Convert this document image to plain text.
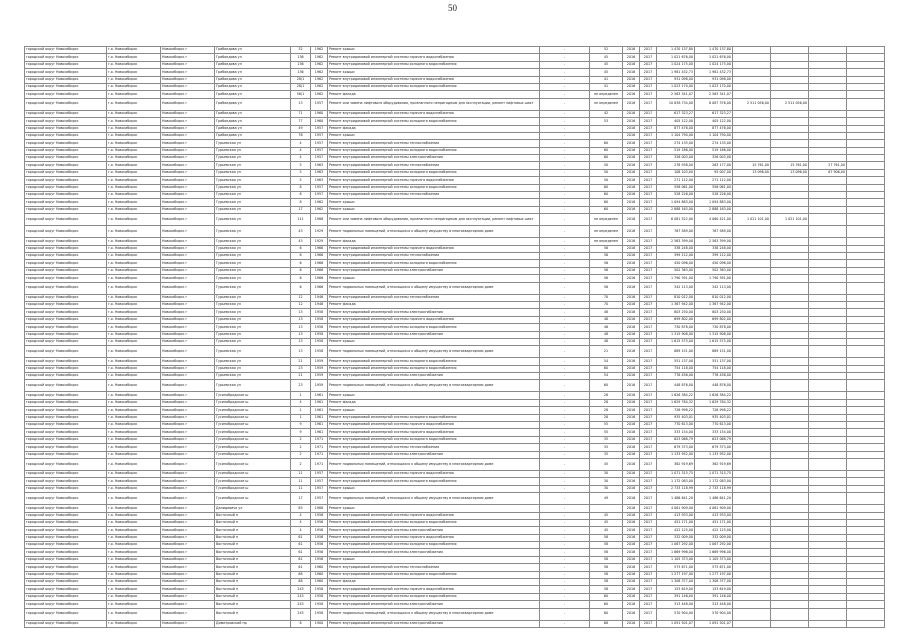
50
городской округ Новосибирск	г.о. Новосибирск	Новосибирск г	Грибоедова ул	32	1962	Ремонт крыши	-	52	2016	2017	1 470 137,80	1 470 137,80				
городской округ Новосибирск	г.о. Новосибирск	Новосибирск г	Грибоедова ул	136	1962	Ремонт внутридомовой инженерной системы горячего водоснабжения	-	45	2016	2017	1 021 676,00	1 021 676,00				
городской округ Новосибирск	г.о. Новосибирск	Новосибирск г	Грибоедова ул	136	1962	Ремонт внутридомовой инженерной системы холодного водоснабжения	-	45	2016	2017	1 024 175,00	1 024 175,00				
городской округ Новосибирск	г.о. Новосибирск	Новосибирск г	Грибоедова ул	136	1962	Ремонт крыши	-	45	2016	2017	1 981 432,73	1 981 432,73				
городской округ Новосибирск	г.о. Новосибирск	Новосибирск г	Грибоедова ул	28/1	1962	Ремонт внутридомовой инженерной системы горячего водоснабжения	-	41	2016	2017	931 098,00	931 098,00				
городской округ Новосибирск	г.о. Новосибирск	Новосибирск г	Грибоедова ул	28/1	1962	Ремонт внутридомовой инженерной системы холодного водоснабжения	-	41	2016	2017	1 023 170,00	1 023 170,00				
городской округ Новосибирск	г.о. Новосибирск	Новосибирск г	Грибоедова ул	56/1	1962	Ремонт фасада	-	не определен	2016	2017	2 563 341,07	2 563 341,07				
городской округ Новосибирск	г.о. Новосибирск	Новосибирск г	Грибоедова ул	13	1957	Ремонт или замена лифтового оборудования, признанного непригодным для эксплуатации, ремонт лифтовых шахт	-	не определен	2016	2017	10 838 734,00	8 087 376,00	2 511 056,00	2 511 056,00		
городской округ Новосибирск	г.о. Новосибирск	Новосибирск г	Грибоедова ул	71	1960	Ремонт внутридомовой инженерной системы горячего водоснабжения	-	42	2016	2017	617 323,27	617 323,27				
городской округ Новосибирск	г.о. Новосибирск	Новосибирск г	Грибоедова ул	77	1960	Ремонт внутридомовой инженерной системы холодного водоснабжения	-	53	2016	2017	405 122,00	405 122,00				
городской округ Новосибирск	г.о. Новосибирск	Новосибирск г	Грибоедова ул	49	1957	Ремонт фасада	-		2016	2017	877 476,00	877 476,00				
городской округ Новосибирск	г.о. Новосибирск	Новосибирск г	Грибоедова ул	76	1957	Ремонт крыши	-		2016	2017	1 104 790,00	1 104 790,00				
городской округ Новосибирск	г.о. Новосибирск	Новосибирск г	Гурьевская ул	4	1957	Ремонт внутридомовой инженерной системы теплоснабжения	-	60	2016	2017	274 135,00	274 135,00				
городской округ Новосибирск	г.о. Новосибирск	Новосибирск г	Гурьевская ул	4	1957	Ремонт внутридомовой инженерной системы холодного водоснабжения	-	60	2016	2017	519 186,00	519 186,00				
городской округ Новосибирск	г.о. Новосибирск	Новосибирск г	Гурьевская ул	4	1957	Ремонт внутридомовой инженерной системы электроснабжения	-	60	2016	2017	326 003,00	326 003,00				
городской округ Новосибирск	г.о. Новосибирск	Новосибирск г	Гурьевская ул	5	1963	Ремонт внутридомовой инженерной системы теплоснабжения	-	50	2016	2017	278 938,00	263 177,00	15 761,00	15 761,00	27 761,00	
городской округ Новосибирск	г.о. Новосибирск	Новосибирск г	Гурьевская ул	5	1963	Ремонт внутридомовой инженерной системы холодного водоснабжения	-	50	2016	2017	108 103,00	95 007,00	13 096,00	13 096,00	67 906,00	
городской округ Новосибирск	г.о. Новосибирск	Новосибирск г	Гурьевская ул	5	1963	Ремонт внутридомовой инженерной системы горячего водоснабжения	-	50	2016	2017	271 112,00	271 112,00				
городской округ Новосибирск	г.о. Новосибирск	Новосибирск г	Гурьевская ул	8	1957	Ремонт внутридомовой инженерной системы холодного водоснабжения	-	60	2016	2017	556 061,00	556 061,00				
городской округ Новосибирск	г.о. Новосибирск	Новосибирск г	Гурьевская ул	8	1957	Ремонт внутридомовой инженерной системы теплоснабжения	-	60	2016	2017	528 226,00	528 226,00				
городской округ Новосибирск	г.о. Новосибирск	Новосибирск г	Гурьевская ул	8	1962	Ремонт крыши	-	60	2016	2017	1 094 883,00	1 094 883,00				
городской округ Новосибирск	г.о. Новосибирск	Новосибирск г	Гурьевская ул	17	1962	Ремонт крыши	-	60	2016	2017	2 888 163,00	2 888 163,00				
городской округ Новосибирск	г.о. Новосибирск	Новосибирск г	Гурьевская ул	111	1986	Ремонт или замена лифтового оборудования, признанного непригодным для эксплуатации, ремонт лифтовых шахт	-	не определен	2016	2017	6 081 522,00	4 060 421,00	1 021 101,00	1 021 101,00		
городской округ Новосибирск	г.о. Новосибирск	Новосибирск г	Гурьевская ул	43	1929	Ремонт подвальных помещений, относящихся к общему имуществу в многоквартирном доме	-	не определен	2016	2017	767 589,00	767 589,00				
городской округ Новосибирск	г.о. Новосибирск	Новосибирск г	Гурьевская ул	43	1929	Ремонт фасада	-	не определен	2016	2017	2 563 399,00	2 563 399,00				
городской округ Новосибирск	г.о. Новосибирск	Новосибирск г	Гурьевская ул	6	1966	Ремонт внутридомовой инженерной системы горячего водоснабжения	-	56	2016	2017	338 248,00	338 248,00				
городской округ Новосибирск	г.о. Новосибирск	Новосибирск г	Гурьевская ул	6	1966	Ремонт внутридомовой инженерной системы теплоснабжения	-	56	2016	2017	399 112,00	399 112,00				
городской округ Новосибирск	г.о. Новосибирск	Новосибирск г	Гурьевская ул	6	1966	Ремонт внутридомовой инженерной системы холодного водоснабжения	-	56	2016	2017	450 096,00	450 096,00				
городской округ Новосибирск	г.о. Новосибирск	Новосибирск г	Гурьевская ул	6	1966	Ремонт внутридомовой инженерной системы электроснабжения	-	56	2016	2017	502 363,00	502 363,00				
городской округ Новосибирск	г.о. Новосибирск	Новосибирск г	Гурьевская ул	6	1966	Ремонт крыши	-	56	2016	2017	1 790 391,00	1 790 391,00				
городской округ Новосибирск	г.о. Новосибирск	Новосибирск г	Гурьевская ул	6	1966	Ремонт подвальных помещений, относящихся к общему имуществу в многоквартирном доме	-	56	2016	2017	342 113,00	342 113,00				
городской округ Новосибирск	г.о. Новосибирск	Новосибирск г	Гурьевская ул	12	1946	Ремонт внутридомовой инженерной системы теплоснабжения	-	70	2016	2017	810 012,00	810 012,00				
городской округ Новосибирск	г.о. Новосибирск	Новосибирск г	Гурьевская ул	12	1946	Ремонт фасада	-	70	2016	2017	1 367 942,00	1 367 942,00				
городской округ Новосибирск	г.о. Новосибирск	Новосибирск г	Гурьевская ул	13	1958	Ремонт внутридомовой инженерной системы электроснабжения	-	48	2016	2017	803 250,00	803 250,00				
городской округ Новосибирск	г.о. Новосибирск	Новосибирск г	Гурьевская ул	13	1958	Ремонт внутридомовой инженерной системы горячего водоснабжения	-	48	2016	2017	699 802,00	699 802,00				
городской округ Новосибирск	г.о. Новосибирск	Новосибирск г	Гурьевская ул	13	1958	Ремонт внутридомовой инженерной системы холодного водоснабжения	-	48	2016	2017	730 878,00	730 878,00				
городской округ Новосибирск	г.о. Новосибирск	Новосибирск г	Гурьевская ул	13	1958	Ремонт внутридомовой инженерной системы электроснабжения	-	48	2016	2017	1 315 908,00	1 315 908,00				
городской округ Новосибирск	г.о. Новосибирск	Новосибирск г	Гурьевская ул	13	1958	Ремонт крыши	-	48	2016	2017	1 615 575,00	1 615 575,00				
городской округ Новосибирск	г.о. Новосибирск	Новосибирск г	Гурьевская ул	13	1958	Ремонт подвальных помещений, относящихся к общему имуществу в многоквартирном доме	-	21	2016	2017	889 151,00	889 151,00				
городской округ Новосибирск	г.о. Новосибирск	Новосибирск г	Гурьевская ул	21	1959	Ремонт внутридомовой инженерной системы холодного водоснабжения	-	54	2016	2017	551 137,00	551 137,00				
городской округ Новосибирск	г.о. Новосибирск	Новосибирск г	Гурьевская ул	23	1959	Ремонт внутридомовой инженерной системы холодного водоснабжения	-	60	2016	2017	754 118,00	754 118,00				
городской округ Новосибирск	г.о. Новосибирск	Новосибирск г	Гурьевская ул	21	1959	Ремонт внутридомовой инженерной системы электроснабжения	-	54	2016	2017	776 456,00	776 456,00				
городской округ Новосибирск	г.о. Новосибирск	Новосибирск г	Гурьевская ул	23	1959	Ремонт подвальных помещений, относящихся к общему имуществу в многоквартирном доме	-	60	2016	2017	448 876,00	448 876,00				
городской округ Новосибирск	г.о. Новосибирск	Новосибирск г	Гусинобродское ш	1	1961	Ремонт крыши	-	28	2016	2017	1 626 384,22	1 626 384,22				
городской округ Новосибирск	г.о. Новосибирск	Новосибирск г	Гусинобродское ш	4	1961	Ремонт фасада	-	28	2016	2017	1 629 784,32	1 629 784,32				
городской округ Новосибирск	г.о. Новосибирск	Новосибирск г	Гусинобродское ш	1	1961	Ремонт крыши	-	28	2016	2017	726 998,22	726 998,22				
городской округ Новосибирск	г.о. Новосибирск	Новосибирск г	Гусинобродское ш	1	1961	Ремонт внутридомовой инженерной системы холодного водоснабжения	-	28	2016	2017	935 403,01	935 403,01				
городской округ Новосибирск	г.о. Новосибирск	Новосибирск г	Гусинобродское ш	9	1961	Ремонт внутридомовой инженерной системы горячего водоснабжения	-	55	2016	2017	770 613,00	770 613,00				
городской округ Новосибирск	г.о. Новосибирск	Новосибирск г	Гусинобродское ш	9	1961	Ремонт внутридомовой инженерной системы горячего водоснабжения	-	55	2016	2017	333 154,00	333 154,00				
городской округ Новосибирск	г.о. Новосибирск	Новосибирск г	Гусинобродское ш	2	1971	Ремонт внутридомовой инженерной системы холодного водоснабжения	-	35	2016	2017	623 068,79	623 068,79				
городской округ Новосибирск	г.о. Новосибирск	Новосибирск г	Гусинобродское ш	2	1971	Ремонт внутридомовой инженерной системы теплоснабжения	-	35	2016	2017	679 373,00	679 373,00				
городской округ Новосибирск	г.о. Новосибирск	Новосибирск г	Гусинобродское ш	2	1971	Ремонт внутридомовой инженерной системы электроснабжения	-	35	2016	2017	1 133 952,00	1 133 952,00				
городской округ Новосибирск	г.о. Новосибирск	Новосибирск г	Гусинобродское ш	2	1971	Ремонт подвальных помещений, относящихся к общему имуществу в многоквартирном доме	-	45	2016	2017	362 919,69	362 919,69				
городской округ Новосибирск	г.о. Новосибирск	Новосибирск г	Гусинобродское ш	11	1957	Ремонт внутридомовой инженерной системы горячего водоснабжения	-	30	2016	2017	1 071 315,75	1 071 315,75				
городской округ Новосибирск	г.о. Новосибирск	Новосибирск г	Гусинобродское ш	11	1957	Ремонт внутридомовой инженерной системы холодного водоснабжения	-	30	2016	2017	1 172 083,00	1 172 083,00				
городской округ Новосибирск	г.о. Новосибирск	Новосибирск г	Гусинобродское ш	11	1957	Ремонт крыши	-	30	2016	2017	2 733 118,99	2 733 118,99				
городской округ Новосибирск	г.о. Новосибирск	Новосибирск г	Гусинобродское ш	17	1957	Ремонт подвальных помещений, относящихся к общему имуществу в многоквартирном доме	-	49	2016	2017	1 486 641,20	1 486 641,20				
городской округ Новосибирск	г.о. Новосибирск	Новосибирск г	Далидовича ул	85	1988	Ремонт крыши	-		2016	2017	4 061 909,00	4 061 909,00				
городской округ Новосибирск	г.о. Новосибирск	Новосибирск г	Восточный п	4	1956	Ремонт внутридомовой инженерной системы горячего водоснабжения	-	45	2016	2017	413 933,00	413 933,00				
городской округ Новосибирск	г.о. Новосибирск	Новосибирск г	Восточный п	4	1956	Ремонт внутридомовой инженерной системы холодного водоснабжения	-	45	2016	2017	451 171,00	451 171,00				
городской округ Новосибирск	г.о. Новосибирск	Новосибирск г	Восточный п	4	1956	Ремонт внутридомовой инженерной системы электроснабжения	-	45	2016	2017	422 125,00	422 125,00				
городской округ Новосибирск	г.о. Новосибирск	Новосибирск г	Восточный п	61	1956	Ремонт внутридомовой инженерной системы горячего водоснабжения	-	58	2016	2017	332 009,00	332 009,00				
городской округ Новосибирск	г.о. Новосибирск	Новосибирск г	Восточный п	61	1956	Ремонт внутридомовой инженерной системы холодного водоснабжения	-	58	2016	2017	1 067 292,00	1 067 292,00				
городской округ Новосибирск	г.о. Новосибирск	Новосибирск г	Восточный п	61	1956	Ремонт внутридомовой инженерной системы электроснабжения	-	58	2016	2017	1 669 996,00	1 669 996,00				
городской округ Новосибирск	г.о. Новосибирск	Новосибирск г	Восточный п	61	1956	Ремонт крыши	-	58	2016	2017	1 105 373,00	1 105 373,00				
городской округ Новосибирск	г.о. Новосибирск	Новосибирск г	Восточный п	61	1960	Ремонт внутридомовой инженерной системы теплоснабжения	-	58	2016	2017	573 671,00	573 671,00				
городской округ Новосибирск	г.о. Новосибирск	Новосибирск г	Восточный п	68	1960	Ремонт внутридомовой инженерной системы холодного водоснабжения	-	58	2016	2017	1 277 197,00	1 277 197,00				
городской округ Новосибирск	г.о. Новосибирск	Новосибирск г	Восточный п	68	1960	Ремонт фасада	-	58	2016	2017	1 308 377,00	1 308 377,00				
городской округ Новосибирск	г.о. Новосибирск	Новосибирск г	Восточный п	243	1958	Ремонт внутридомовой инженерной системы горячего водоснабжения	-	58	2016	2017	153 619,00	153 619,00				
городской округ Новосибирск	г.о. Новосибирск	Новосибирск г	Восточный п	243	1958	Ремонт внутридомовой инженерной системы холодного водоснабжения	-	60	2016	2017	391 146,00	391 146,00				
городской округ Новосибирск	г.о. Новосибирск	Новосибирск г	Восточный п	243	1958	Ремонт внутридомовой инженерной системы электроснабжения	-	60	2016	2017	313 448,00	313 448,00				
городской округ Новосибирск	г.о. Новосибирск	Новосибирск г	Восточный п	243	1958	Ремонт подвальных помещений, относящихся к общему имуществу в многоквартирном доме	-	60	2016	2017	570 904,00	570 904,00				
городской округ Новосибирск	г.о. Новосибирск	Новосибирск г	Димитровский пр	8	1900	Ремонт внутридомовой инженерной системы электроснабжения	-	68	2016	2017	1 091 501,07	1 091 501,07				
